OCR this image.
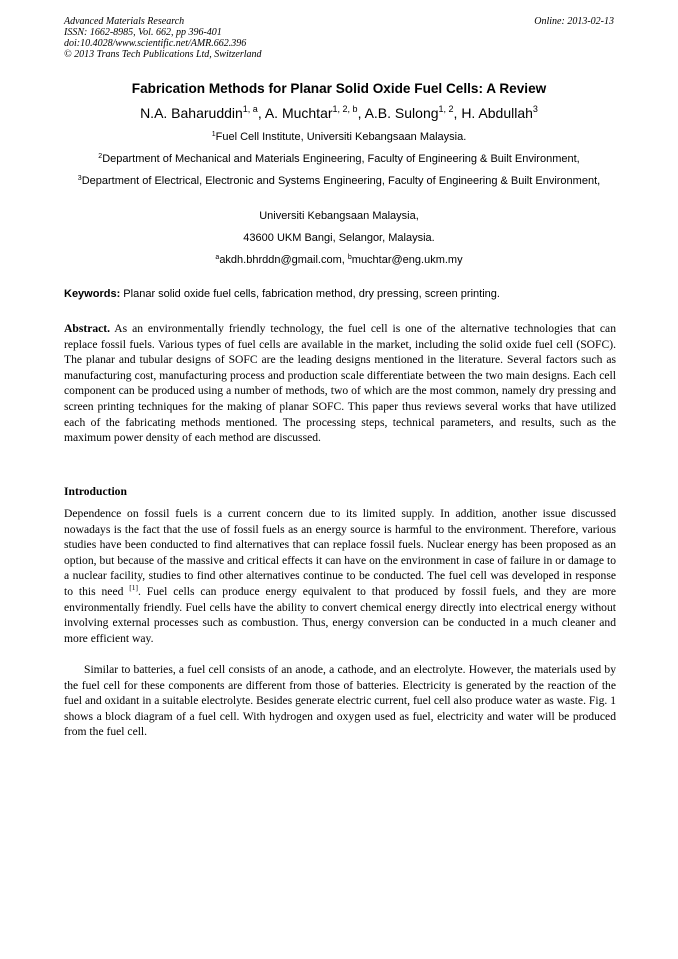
Advanced Materials Research
ISSN: 1662-8985, Vol. 662, pp 396-401
doi:10.4028/www.scientific.net/AMR.662.396
© 2013 Trans Tech Publications Ltd, Switzerland
Online: 2013-02-13
Fabrication Methods for Planar Solid Oxide Fuel Cells: A Review
N.A. Baharuddin$^{1, a}$, A. Muchtar$^{1, 2, b}$, A.B. Sulong$^{1, 2}$, H. Abdullah$^3$
$^1$Fuel Cell Institute, Universiti Kebangsaan Malaysia.
$^2$Department of Mechanical and Materials Engineering, Faculty of Engineering & Built Environment,
$^3$Department of Electrical, Electronic and Systems Engineering, Faculty of Engineering & Built Environment,
Universiti Kebangsaan Malaysia,
43600 UKM Bangi, Selangor, Malaysia.
$^a$akdh.bhrddn@gmail.com, $^b$muchtar@eng.ukm.my
Keywords: Planar solid oxide fuel cells, fabrication method, dry pressing, screen printing.
Abstract. As an environmentally friendly technology, the fuel cell is one of the alternative technologies that can replace fossil fuels. Various types of fuel cells are available in the market, including the solid oxide fuel cell (SOFC). The planar and tubular designs of SOFC are the leading designs mentioned in the literature. Several factors such as manufacturing cost, manufacturing process and production scale differentiate between the two main designs. Each cell component can be produced using a number of methods, two of which are the most common, namely dry pressing and screen printing techniques for the making of planar SOFC. This paper thus reviews several works that have utilized each of the fabricating methods mentioned. The processing steps, technical parameters, and results, such as the maximum power density of each method are discussed.
Introduction
Dependence on fossil fuels is a current concern due to its limited supply. In addition, another issue discussed nowadays is the fact that the use of fossil fuels as an energy source is harmful to the environment. Therefore, various studies have been conducted to find alternatives that can replace fossil fuels. Nuclear energy has been proposed as an option, but because of the massive and critical effects it can have on the environment in case of failure in or damage to a nuclear facility, studies to find other alternatives continue to be conducted. The fuel cell was developed in response to this need [1]. Fuel cells can produce energy equivalent to that produced by fossil fuels, and they are more environmentally friendly. Fuel cells have the ability to convert chemical energy directly into electrical energy without involving external processes such as combustion. Thus, energy conversion can be conducted in a much cleaner and more efficient way.
Similar to batteries, a fuel cell consists of an anode, a cathode, and an electrolyte. However, the materials used by the fuel cell for these components are different from those of batteries. Electricity is generated by the reaction of the fuel and oxidant in a suitable electrolyte. Besides generate electric current, fuel cell also produce water as waste. Fig. 1 shows a block diagram of a fuel cell. With hydrogen and oxygen used as fuel, electricity and water will be produced from the fuel cell.
